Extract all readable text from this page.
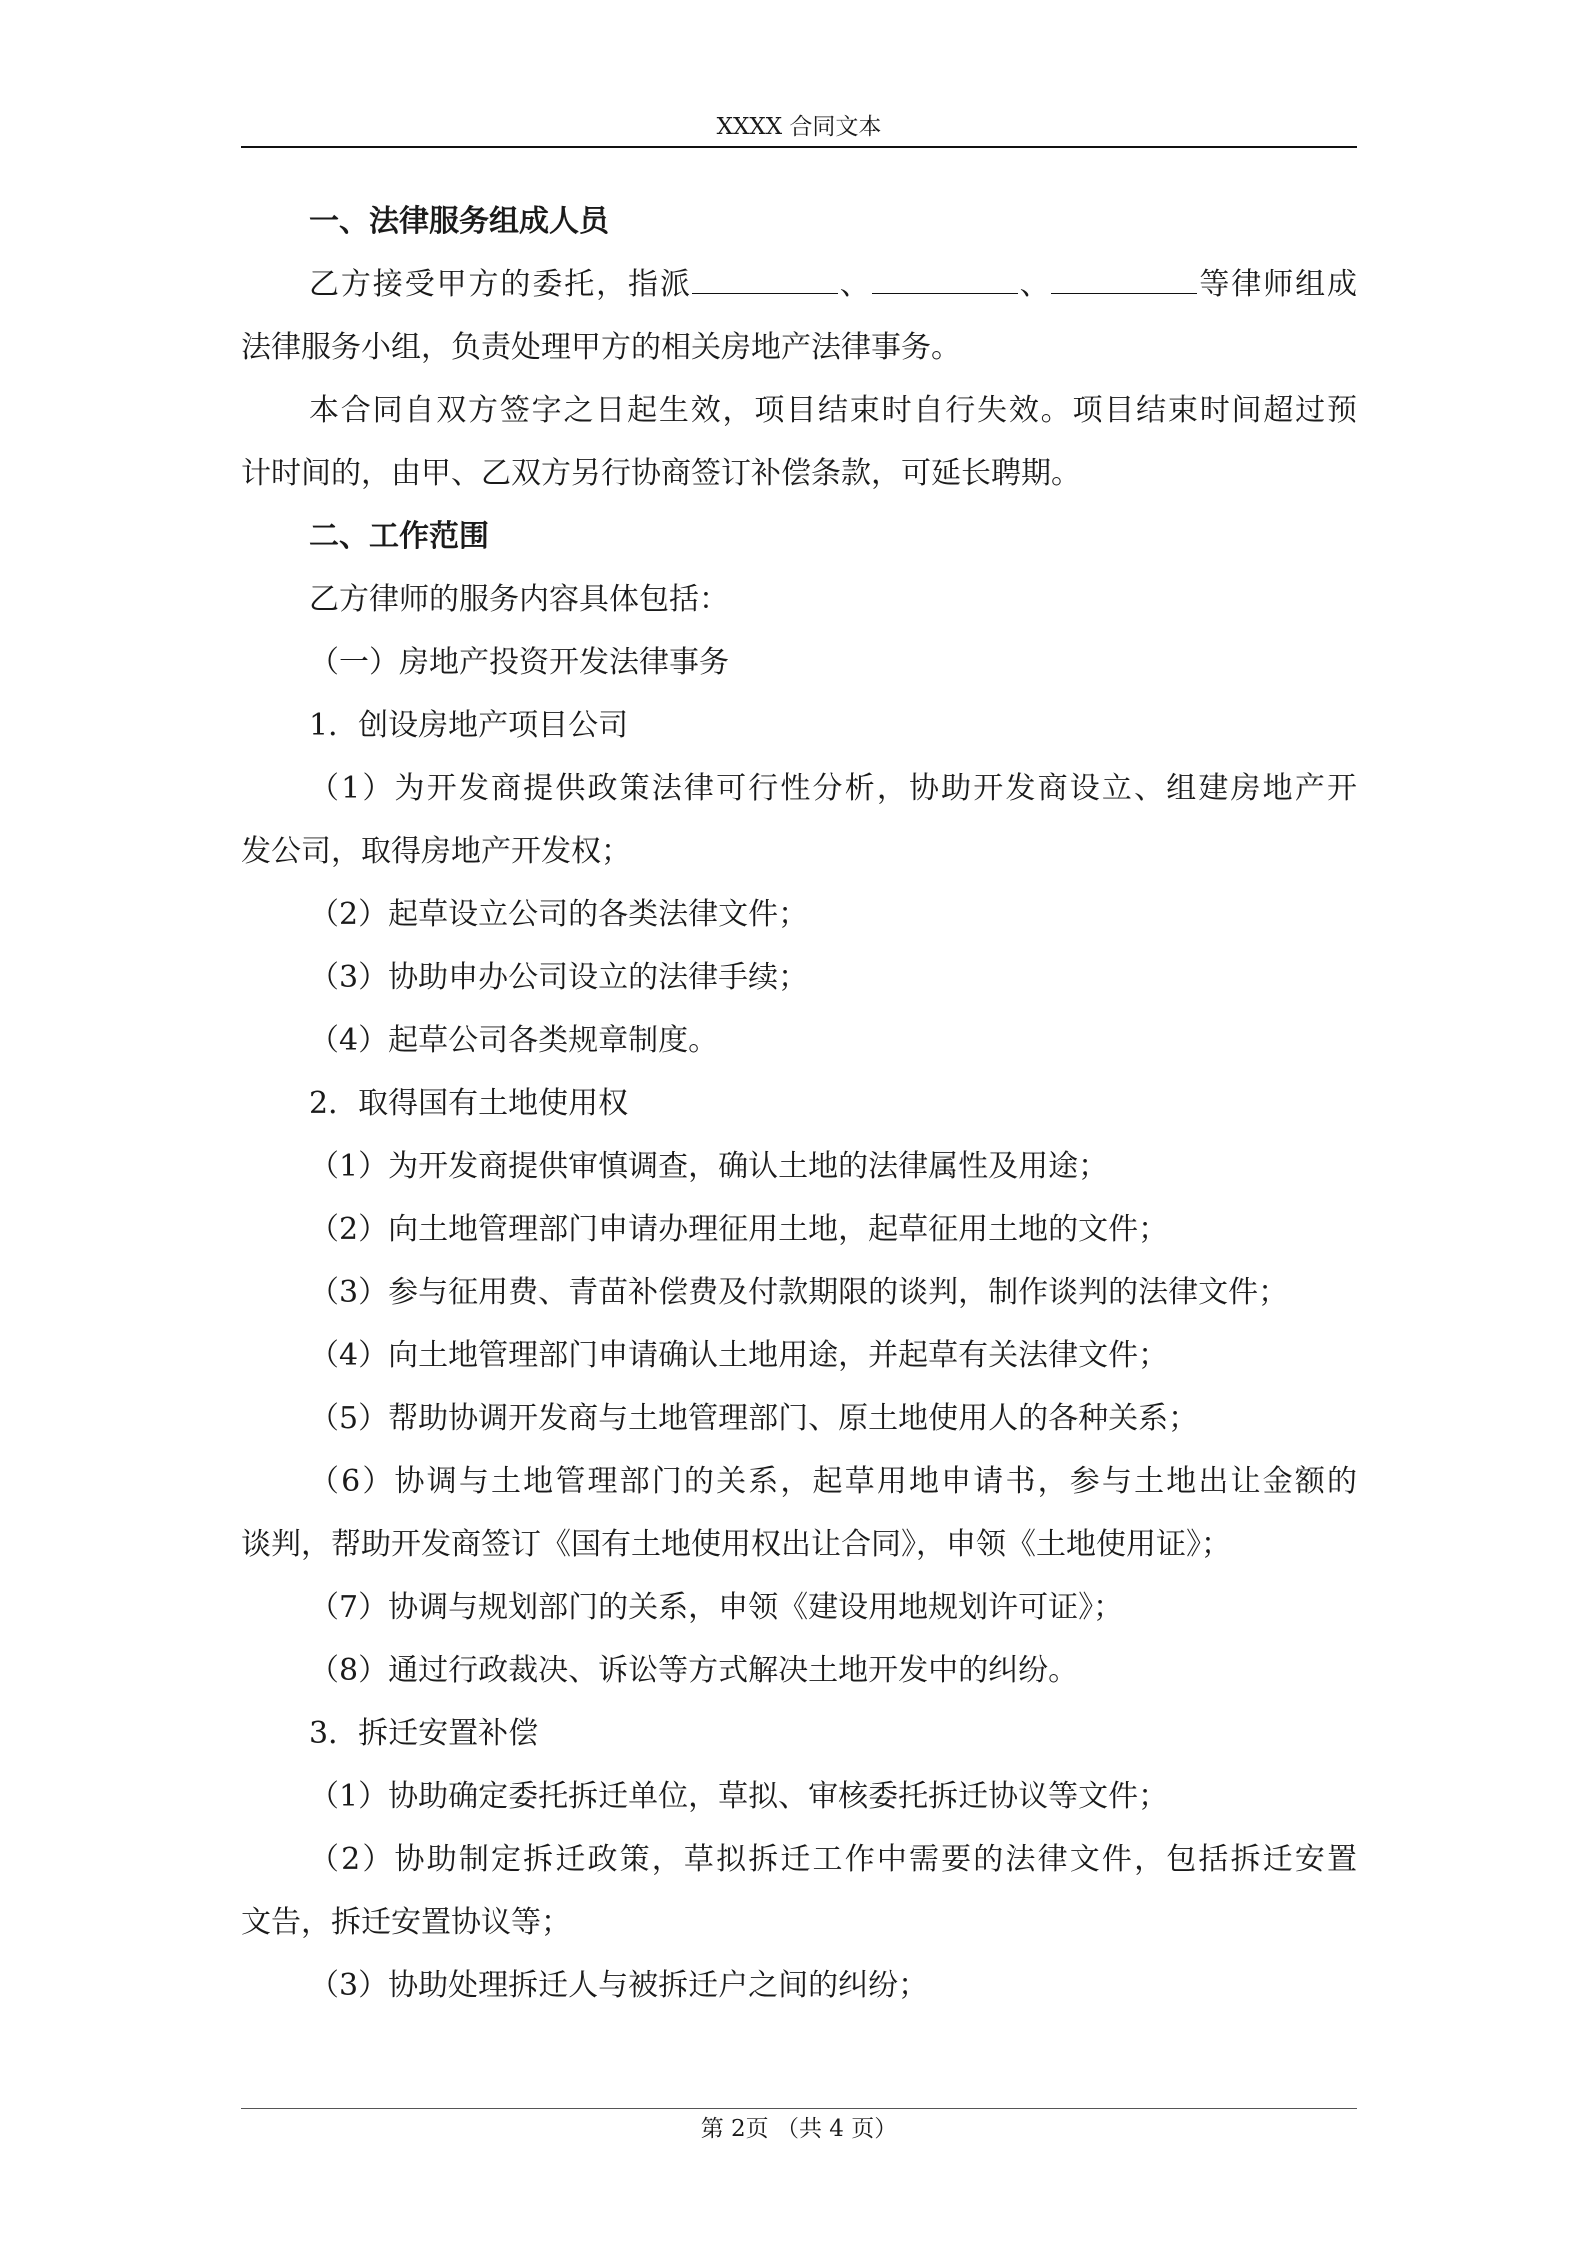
XXXX 合同文本
一、法律服务组成人员
乙方接受甲方的委托，指派	、	、	等律师组成
法律服务小组，负责处理甲方的相关房地产法律事务。
本合同自双方签字之日起生效，项目结束时自行失效。项目结束时间超过预
计时间的，由甲、乙双方另行协商签订补偿条款，可延长聘期。
二、工作范围
乙方律师的服务内容具体包括：
（一）房地产投资开发法律事务
1．创设房地产项目公司
（1）为开发商提供政策法律可行性分析，协助开发商设立、组建房地产开
发公司，取得房地产开发权；
（2）起草设立公司的各类法律文件；
（3）协助申办公司设立的法律手续；
（4）起草公司各类规章制度。
2．取得国有土地使用权
（1）为开发商提供审慎调查，确认土地的法律属性及用途；
（2）向土地管理部门申请办理征用土地，起草征用土地的文件；
（3）参与征用费、青苗补偿费及付款期限的谈判，制作谈判的法律文件；
（4）向土地管理部门申请确认土地用途，并起草有关法律文件；
（5）帮助协调开发商与土地管理部门、原土地使用人的各种关系；
（6）协调与土地管理部门的关系，起草用地申请书，参与土地出让金额的
谈判，帮助开发商签订《国有土地使用权出让合同》，申领《土地使用证》；
（7）协调与规划部门的关系，申领《建设用地规划许可证》；
（8）通过行政裁决、诉讼等方式解决土地开发中的纠纷。
3．拆迁安置补偿
（1）协助确定委托拆迁单位，草拟、审核委托拆迁协议等文件；
（2）协助制定拆迁政策，草拟拆迁工作中需要的法律文件，包括拆迁安置
文告，拆迁安置协议等；
（3）协助处理拆迁人与被拆迁户之间的纠纷；
第 2页 （共 4 页）
